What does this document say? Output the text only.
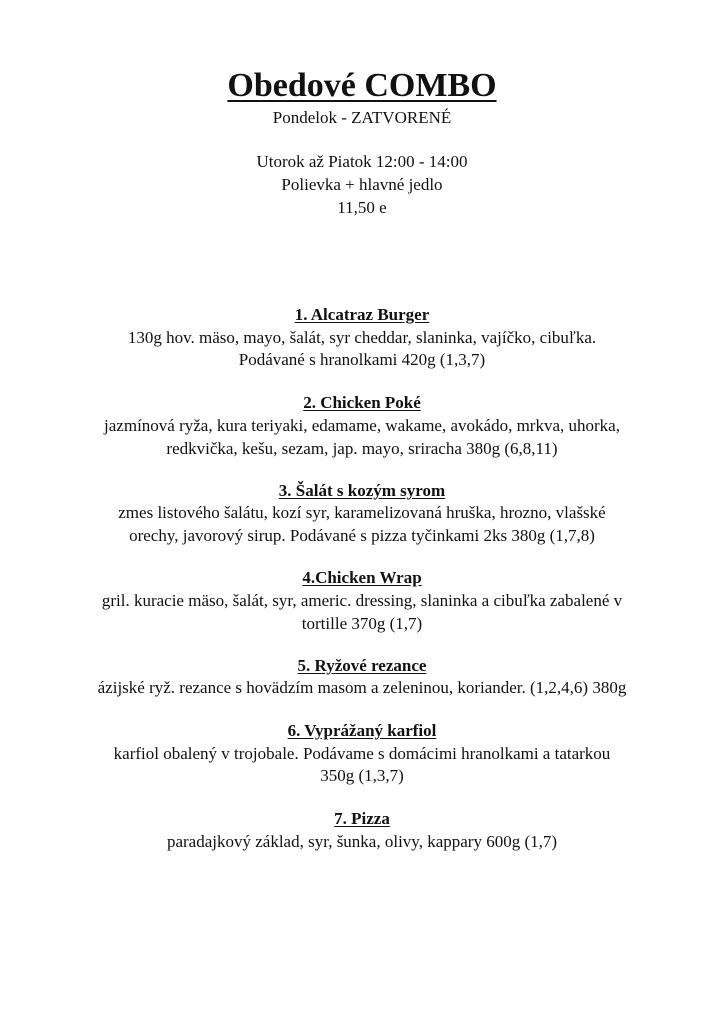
Obedové COMBO
Pondelok - ZATVORENÉ
Utorok až Piatok 12:00 - 14:00
Polievka + hlavné jedlo
11,50 e
1. Alcatraz Burger
130g hov. mäso, mayo, šalát, syr cheddar, slaninka, vajíčko, cibuľka.
Podávané s hranolkami 420g (1,3,7)
2. Chicken Poké
jazmínová ryža, kura teriyaki, edamame, wakame, avokádo, mrkva, uhorka,
redkvička, kešu, sezam, jap. mayo, sriracha 380g (6,8,11)
3. Šalát s kozým syrom
zmes listového šalátu, kozí syr, karamelizovaná hruška, hrozno, vlašské
orechy, javorový sirup. Podávané s pizza tyčinkami 2ks 380g (1,7,8)
4.Chicken Wrap
gril. kuracie mäso, šalát, syr, americ. dressing, slaninka a cibuľka zabalené v
tortille 370g (1,7)
5. Ryžové rezance
ázijské ryž. rezance s hovädzím masom a zeleninou, koriander. (1,2,4,6) 380g
6. Vyprážaný karfiol
karfiol obalený v trojobale. Podávame s domácimi hranolkami a tatarkou
350g (1,3,7)
7. Pizza
paradajkový základ, syr, šunka, olivy, kappary 600g (1,7)
